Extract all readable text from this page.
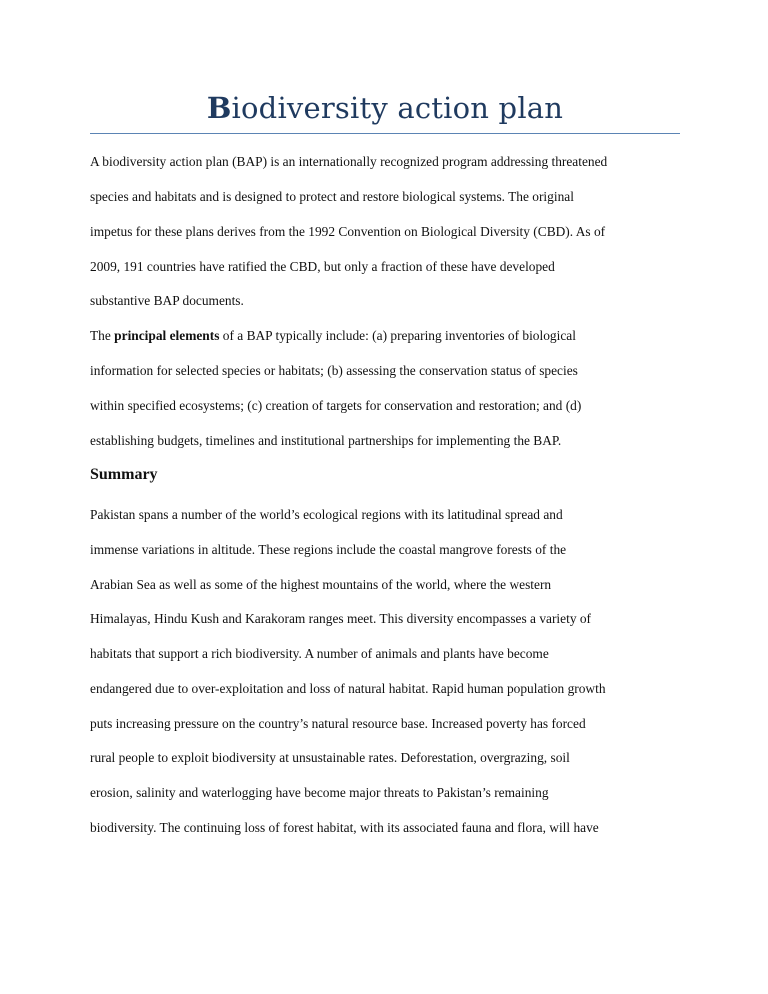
Biodiversity action plan
A biodiversity action plan (BAP) is an internationally recognized program addressing threatened
species and habitats and is designed to protect and restore biological systems. The original
impetus for these plans derives from the 1992 Convention on Biological Diversity (CBD). As of
2009, 191 countries have ratified the CBD, but only a fraction of these have developed
substantive BAP documents.
The principal elements of a BAP typically include: (a) preparing inventories of biological
information for selected species or habitats; (b) assessing the conservation status of species
within specified ecosystems; (c) creation of targets for conservation and restoration; and (d)
establishing budgets, timelines and institutional partnerships for implementing the BAP.
Summary
Pakistan spans a number of the world’s ecological regions with its latitudinal spread and
immense variations in altitude. These regions include the coastal mangrove forests of the
Arabian Sea as well as some of the highest mountains of the world, where the western
Himalayas, Hindu Kush and Karakoram ranges meet. This diversity encompasses a variety of
habitats that support a rich biodiversity. A number of animals and plants have become
endangered due to over-exploitation and loss of natural habitat. Rapid human population growth
puts increasing pressure on the country’s natural resource base. Increased poverty has forced
rural people to exploit biodiversity at unsustainable rates. Deforestation, overgrazing, soil
erosion, salinity and waterlogging have become major threats to Pakistan’s remaining
biodiversity. The continuing loss of forest habitat, with its associated fauna and flora, will have
